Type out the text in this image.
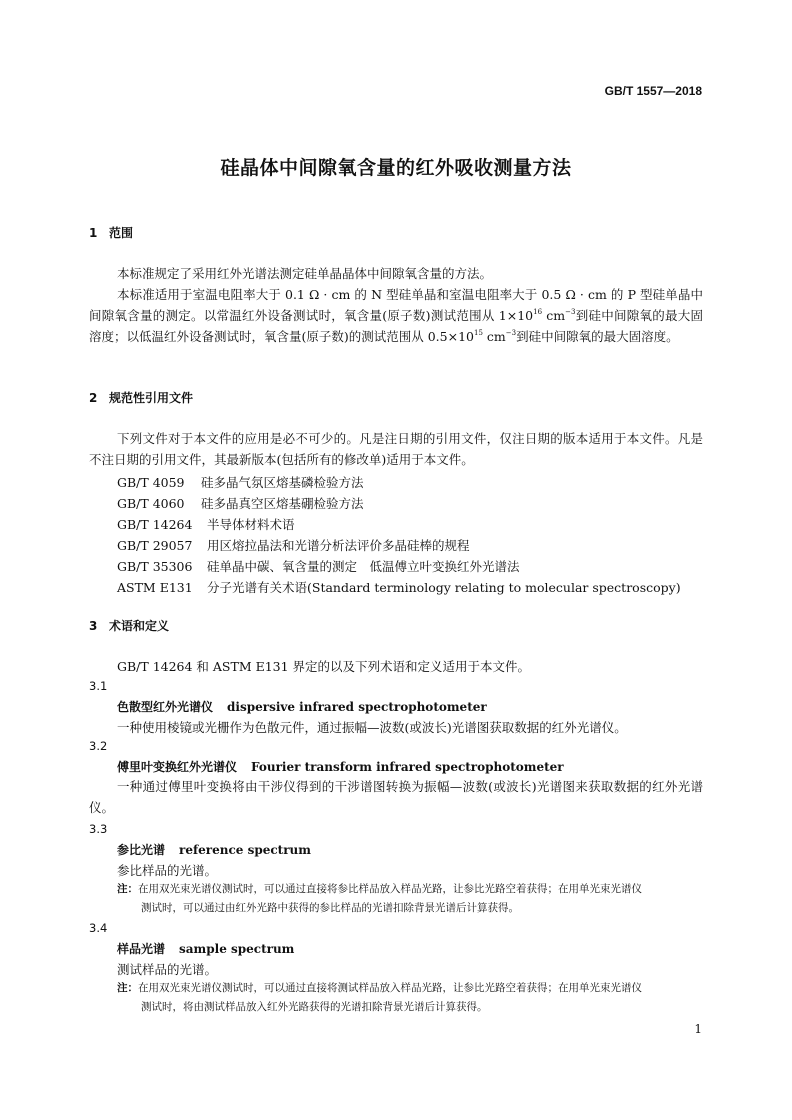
GB/T 1557—2018
硅晶体中间隙氧含量的红外吸收测量方法
1 范围
本标准规定了采用红外光谱法测定硅单晶晶体中间隙氧含量的方法。
本标准适用于室温电阻率大于 0.1 Ω · cm 的 N 型硅单晶和室温电阻率大于 0.5 Ω · cm 的 P 型硅单晶中间隙氧含量的测定。以常温红外设备测试时，氧含量(原子数)测试范围从 $1\times 10^{16}$ $cm^{-3}$到硅中间隙氧的最大固溶度；以低温红外设备测试时，氧含量(原子数)的测试范围从 $0.5\times 10^{15}$ $cm^{-3}$到硅中间隙氧的最大固溶度。
2 规范性引用文件
下列文件对于本文件的应用是必不可少的。凡是注日期的引用文件，仅注日期的版本适用于本文件。凡是不注日期的引用文件，其最新版本(包括所有的修改单)适用于本文件。
GB/T 4059 硅多晶气氛区熔基磷检验方法
GB/T 4060 硅多晶真空区熔基硼检验方法
GB/T 14264 半导体材料术语
GB/T 29057 用区熔拉晶法和光谱分析法评价多晶硅棒的规程
GB/T 35306 硅单晶中碳、氧含量的测定　低温傅立叶变换红外光谱法
ASTM E131 分子光谱有关术语(Standard terminology relating to molecular spectroscopy)
3 术语和定义
GB/T 14264 和 ASTM E131 界定的以及下列术语和定义适用于本文件。
3.1
色散型红外光谱仪 dispersive infrared spectrophotometer
一种使用棱镜或光栅作为色散元件，通过振幅—波数(或波长)光谱图获取数据的红外光谱仪。
3.2
傅里叶变换红外光谱仪 Fourier transform infrared spectrophotometer
一种通过傅里叶变换将由干涉仪得到的干涉谱图转换为振幅—波数(或波长)光谱图来获取数据的红外光谱仪。
3.3
参比光谱 reference spectrum
参比样品的光谱。
注：在用双光束光谱仪测试时，可以通过直接将参比样品放入样品光路，让参比光路空着获得；在用单光束光谱仪
测试时，可以通过由红外光路中获得的参比样品的光谱扣除背景光谱后计算获得。
3.4
样品光谱 sample spectrum
测试样品的光谱。
注：在用双光束光谱仪测试时，可以通过直接将测试样品放入样品光路，让参比光路空着获得；在用单光束光谱仪
测试时，将由测试样品放入红外光路获得的光谱扣除背景光谱后计算获得。
1
